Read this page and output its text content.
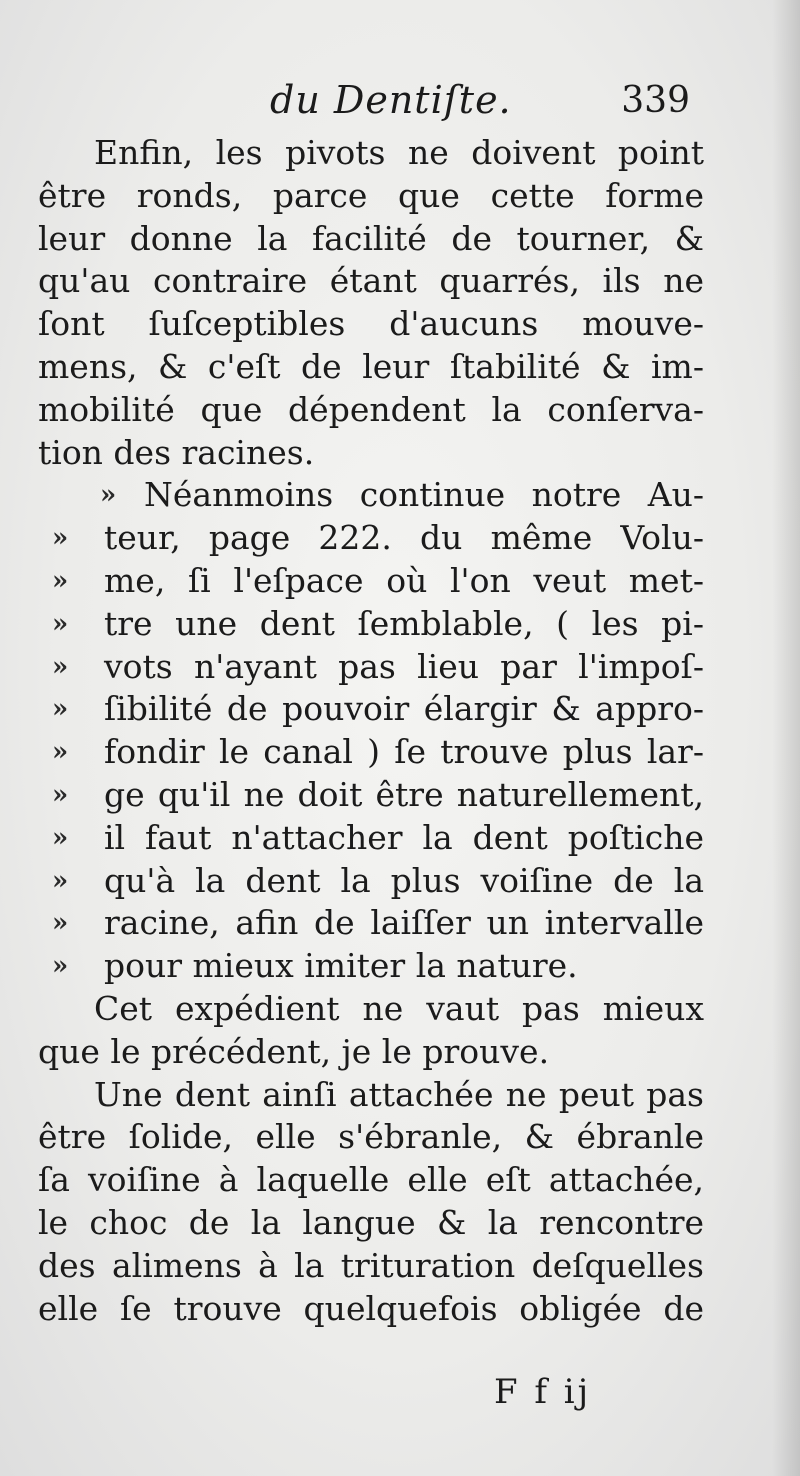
du Dentiſte.	339
Enfin, les pivots ne doivent point
être ronds, parce que cette forme
leur donne la facilité de tourner, &
qu'au contraire étant quarrés, ils ne
ſont ſuſceptibles d'aucuns mouve-
mens, & c'eſt de leur ſtabilité & im-
mobilité que dépendent la conſerva-
tion des racines.
» Néanmoins continue notre Au-
» teur, page 222. du même Volu-
» me, ſi l'eſpace où l'on veut met-
» tre une dent ſemblable, ( les pi-
» vots n'ayant pas lieu par l'impoſ-
» ſibilité de pouvoir élargir & appro-
» fondir le canal ) ſe trouve plus lar-
» ge qu'il ne doit être naturellement,
» il faut n'attacher la dent poſtiche
» qu'à la dent la plus voiſine de la
» racine, afin de laiſſer un intervalle
» pour mieux imiter la nature.
Cet expédient ne vaut pas mieux
que le précédent, je le prouve.
Une dent ainſi attachée ne peut pas
être ſolide, elle s'ébranle, & ébranle
ſa voiſine à laquelle elle eſt attachée,
le choc de la langue & la rencontre
des alimens à la trituration deſquelles
elle ſe trouve quelquefois obligée de
F f ij
